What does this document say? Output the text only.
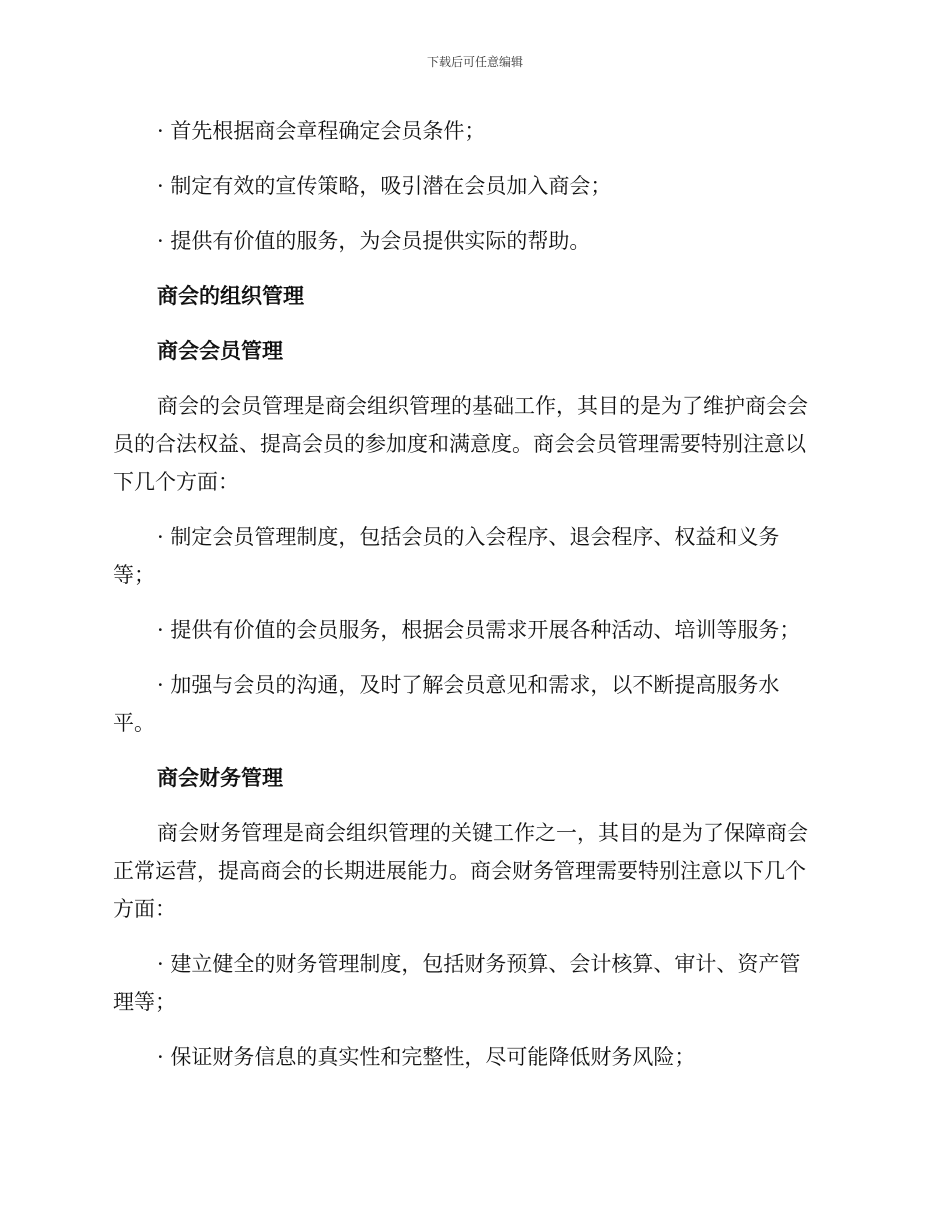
下载后可任意编辑
· 首先根据商会章程确定会员条件；
· 制定有效的宣传策略，吸引潜在会员加入商会；
· 提供有价值的服务，为会员提供实际的帮助。
商会的组织管理
商会会员管理
商会的会员管理是商会组织管理的基础工作，其目的是为了维护商会会
员的合法权益、提高会员的参加度和满意度。商会会员管理需要特别注意以
下几个方面：
· 制定会员管理制度，包括会员的入会程序、退会程序、权益和义务
等；
· 提供有价值的会员服务，根据会员需求开展各种活动、培训等服务；
· 加强与会员的沟通，及时了解会员意见和需求，以不断提高服务水
平。
商会财务管理
商会财务管理是商会组织管理的关键工作之一，其目的是为了保障商会
正常运营，提高商会的长期进展能力。商会财务管理需要特别注意以下几个
方面：
· 建立健全的财务管理制度，包括财务预算、会计核算、审计、资产管
理等；
· 保证财务信息的真实性和完整性，尽可能降低财务风险；
